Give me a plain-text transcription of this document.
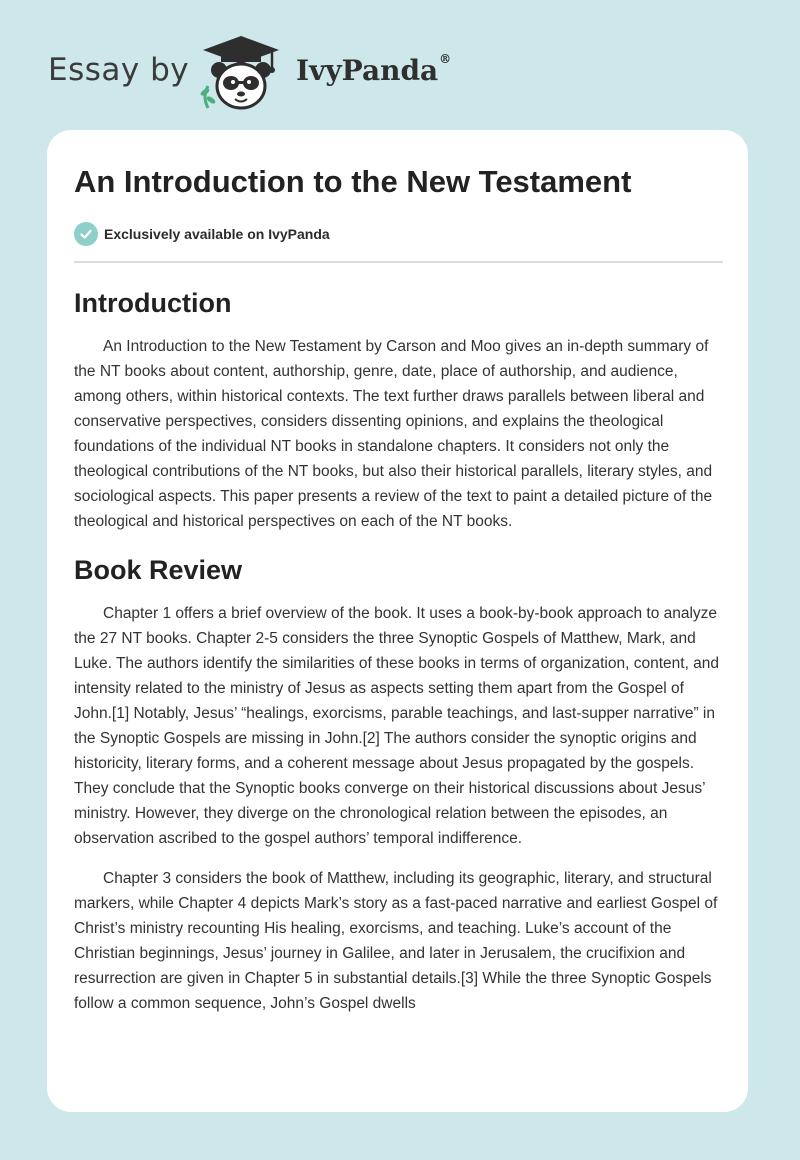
Essay by	IvyPanda®
An Introduction to the New Testament
Exclusively available on IvyPanda
Introduction

An Introduction to the New Testament by Carson and Moo gives an in-depth summary of the NT books about content, authorship, genre, date, place of authorship, and audience, among others, within historical contexts. The text further draws parallels between liberal and conservative perspectives, considers dissenting opinions, and explains the theological foundations of the individual NT books in standalone chapters. It considers not only the theological contributions of the NT books, but also their historical parallels, literary styles, and sociological aspects. This paper presents a review of the text to paint a detailed picture of the theological and historical perspectives on each of the NT books.

Book Review

Chapter 1 offers a brief overview of the book. It uses a book-by-book approach to analyze the 27 NT books. Chapter 2-5 considers the three Synoptic Gospels of Matthew, Mark, and Luke. The authors identify the similarities of these books in terms of organization, content, and intensity related to the ministry of Jesus as aspects setting them apart from the Gospel of John.[1] Notably, Jesus’ “healings, exorcisms, parable teachings, and last-supper narrative” in the Synoptic Gospels are missing in John.[2] The authors consider the synoptic origins and historicity, literary forms, and a coherent message about Jesus propagated by the gospels. They conclude that the Synoptic books converge on their historical discussions about Jesus’ ministry. However, they diverge on the chronological relation between the episodes, an observation ascribed to the gospel authors’ temporal indifference.

Chapter 3 considers the book of Matthew, including its geographic, literary, and structural markers, while Chapter 4 depicts Mark’s story as a fast-paced narrative and earliest Gospel of Christ’s ministry recounting His healing, exorcisms, and teaching. Luke’s account of the Christian beginnings, Jesus’ journey in Galilee, and later in Jerusalem, the crucifixion and resurrection are given in Chapter 5 in substantial details.[3] While the three Synoptic Gospels follow a common sequence, John’s Gospel dwells
